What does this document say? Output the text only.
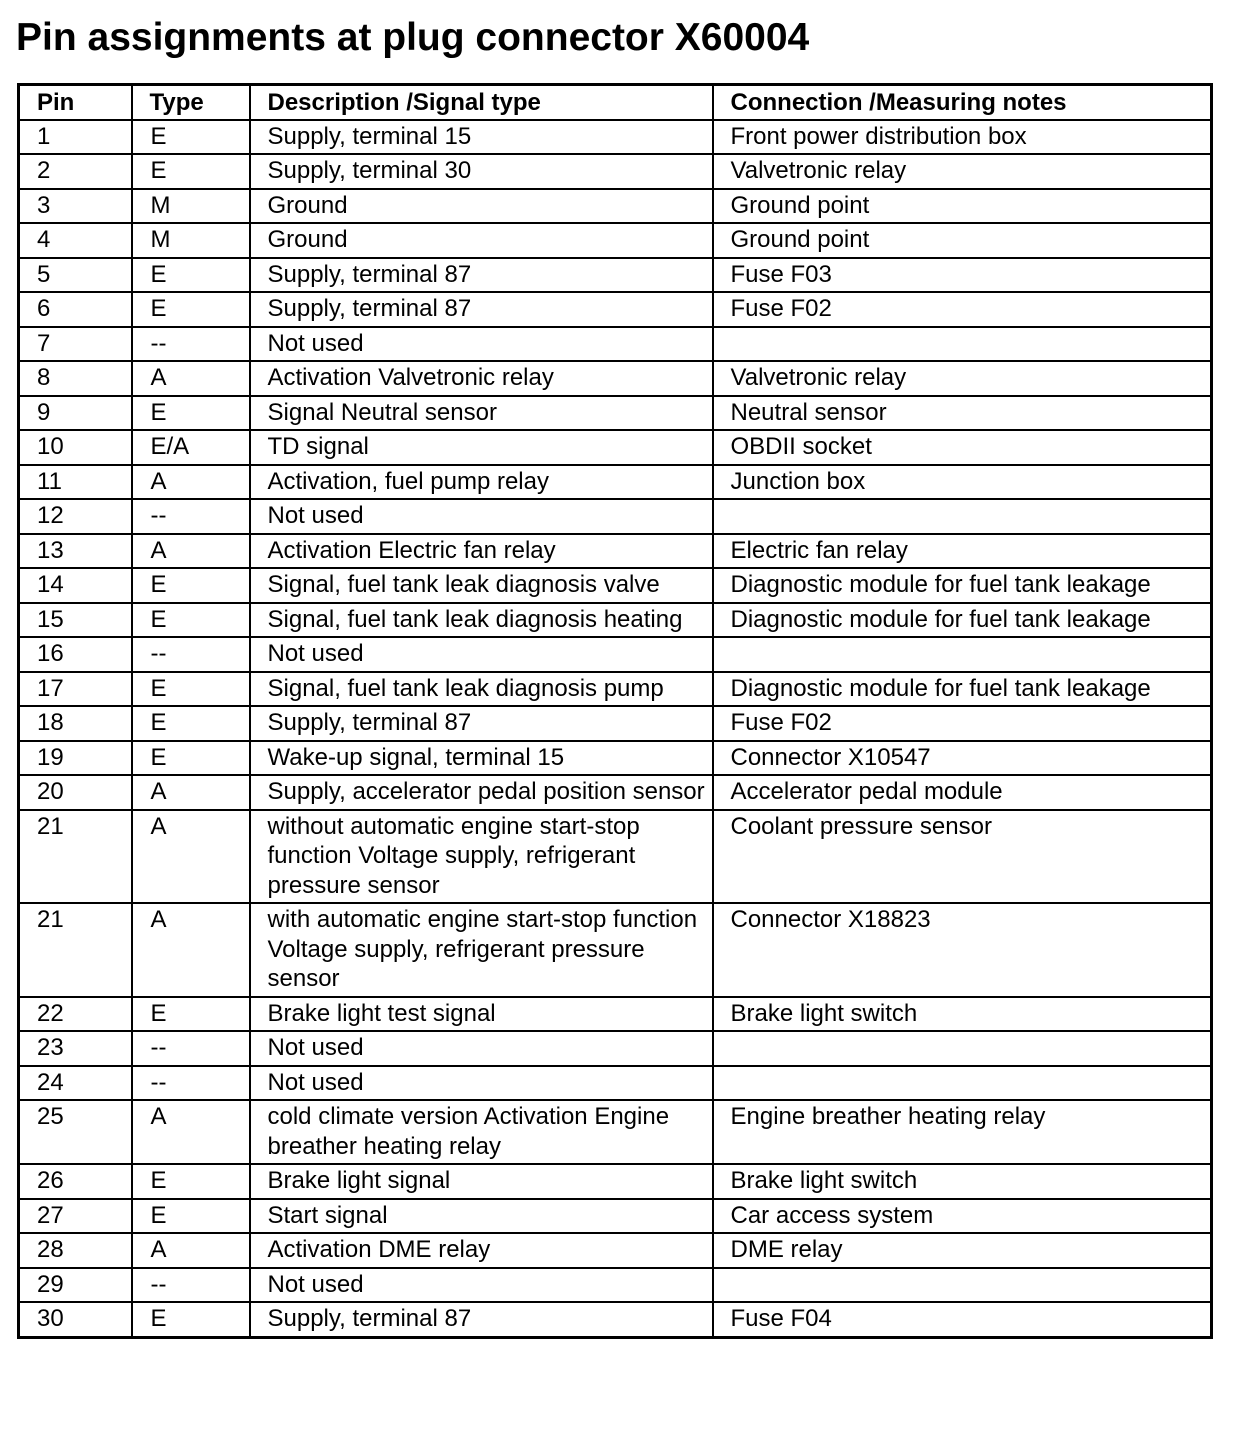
Pin assignments at plug connector X60004
Pin	Type	Description /Signal type	Connection /Measuring notes
1	E	Supply, terminal 15	Front power distribution box
2	E	Supply, terminal 30	Valvetronic relay
3	M	Ground	Ground point
4	M	Ground	Ground point
5	E	Supply, terminal 87	Fuse F03
6	E	Supply, terminal 87	Fuse F02
7	--	Not used	
8	A	Activation Valvetronic relay	Valvetronic relay
9	E	Signal Neutral sensor	Neutral sensor
10	E/A	TD signal	OBDII socket
11	A	Activation, fuel pump relay	Junction box
12	--	Not used	
13	A	Activation Electric fan relay	Electric fan relay
14	E	Signal, fuel tank leak diagnosis valve	Diagnostic module for fuel tank leakage
15	E	Signal, fuel tank leak diagnosis heating	Diagnostic module for fuel tank leakage
16	--	Not used	
17	E	Signal, fuel tank leak diagnosis pump	Diagnostic module for fuel tank leakage
18	E	Supply, terminal 87	Fuse F02
19	E	Wake-up signal, terminal 15	Connector X10547
20	A	Supply, accelerator pedal position sensor	Accelerator pedal module
21	A	without automatic engine start-stop function Voltage supply, refrigerant pressure sensor	Coolant pressure sensor
21	A	with automatic engine start-stop function Voltage supply, refrigerant pressure sensor	Connector X18823
22	E	Brake light test signal	Brake light switch
23	--	Not used	
24	--	Not used	
25	A	cold climate version Activation Engine breather heating relay	Engine breather heating relay
26	E	Brake light signal	Brake light switch
27	E	Start signal	Car access system
28	A	Activation DME relay	DME relay
29	--	Not used	
30	E	Supply, terminal 87	Fuse F04
